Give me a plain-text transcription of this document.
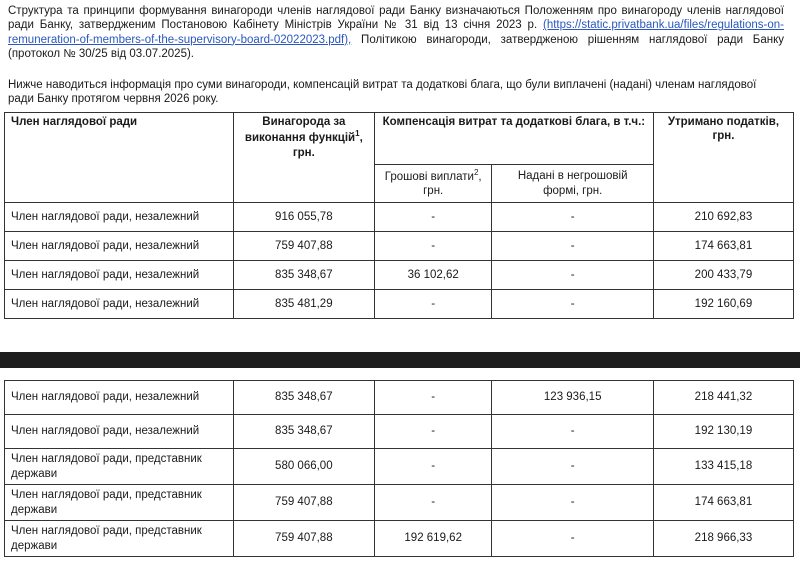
Структура та принципи формування винагороди членів наглядової ради Банку визначаються Положенням про винагороду членів наглядової ради Банку, затвердженим Постановою Кабінету Міністрів України № 31 від 13 січня 2023 р. (https://static.privatbank.ua/files/regulations-on-remuneration-of-members-of-the-supervisory-board-02022023.pdf), Політикою винагороди, затвердженою рішенням наглядової ради Банку (протокол № 30/25 від 03.07.2025).

Нижче наводиться інформація про суми винагороди, компенсацій витрат та додаткові блага, що були виплачені (надані) членам наглядової ради Банку протягом червня 2026 року.
Член наглядової ради	Винагорода за виконання функцій$^1$, грн.	Компенсація витрат та додаткові блага, в т.ч.:		Утримано податків, грн.
		Грошові виплати$^2$, грн.	Надані в негрошовій формі, грн.	
Член наглядової ради, незалежний	916 055,78	-	-	210 692,83
Член наглядової ради, незалежний	759 407,88	-	-	174 663,81
Член наглядової ради, незалежний	835 348,67	36 102,62	-	200 433,79
Член наглядової ради, незалежний	835 481,29	-	-	192 160,69
Член наглядової ради, незалежний	835 348,67	-	123 936,15	218 441,32
Член наглядової ради, незалежний	835 348,67	-	-	192 130,19
Член наглядової ради, представник держави	580 066,00	-	-	133 415,18
Член наглядової ради, представник держави	759 407,88	-	-	174 663,81
Член наглядової ради, представник держави	759 407,88	192 619,62	-	218 966,33
